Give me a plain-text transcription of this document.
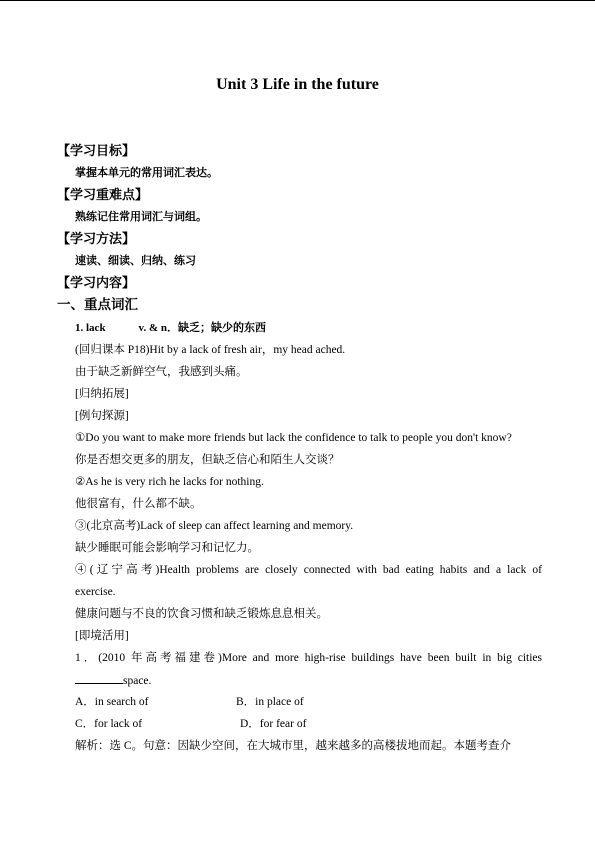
Unit 3 Life in the future
【学习目标】
掌握本单元的常用词汇表达。
【学习重难点】
熟练记住常用词汇与词组。
【学习方法】
速读、细读、归纳、练习
【学习内容】
一、重点词汇
1. lack　　　v. & n．缺乏；缺少的东西
(回归课本 P18)Hit by a lack of fresh air，my head ached.
由于缺乏新鲜空气，我感到头痛。
[归纳拓展]
[例句探源]
①Do you want to make more friends but lack the confidence to talk to people you don't know?
你是否想交更多的朋友，但缺乏信心和陌生人交谈？
②As he is very rich he lacks for nothing.
他很富有，什么都不缺。
③(北京高考)Lack of sleep can affect learning and memory.
缺少睡眠可能会影响学习和记忆力。
④(辽宁高考)Health problems are closely connected with bad eating habits and a lack of
exercise.
健康问题与不良的饮食习惯和缺乏锻炼息息相关。
[即境活用]
1．(2010 年高考福建卷)More and more high-rise buildings have been built in big cities
space.
A．in search of	B．in place of
C．for lack of	D．for fear of
解析：选 C。句意：因缺少空间，在大城市里，越来越多的高楼拔地而起。本题考查介
